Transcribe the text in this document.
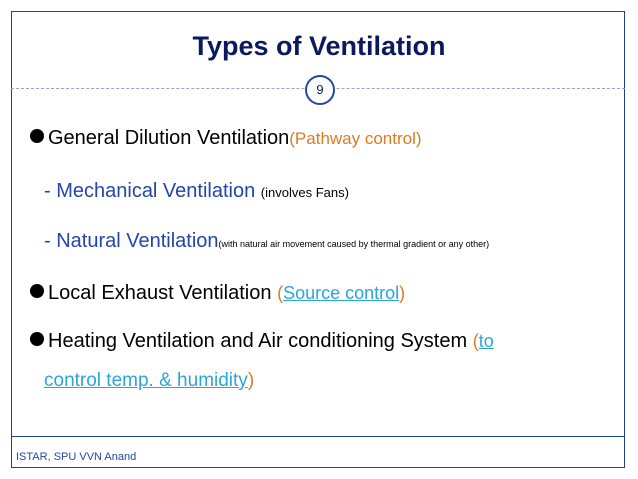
Types of Ventilation
9
General Dilution Ventilation(Pathway control)
- Mechanical Ventilation (involves Fans)
- Natural Ventilation(with natural air movement caused by thermal gradient or any other)
Local Exhaust Ventilation (Source control)
Heating Ventilation and Air conditioning System (to
control temp. & humidity)
ISTAR, SPU VVN Anand
